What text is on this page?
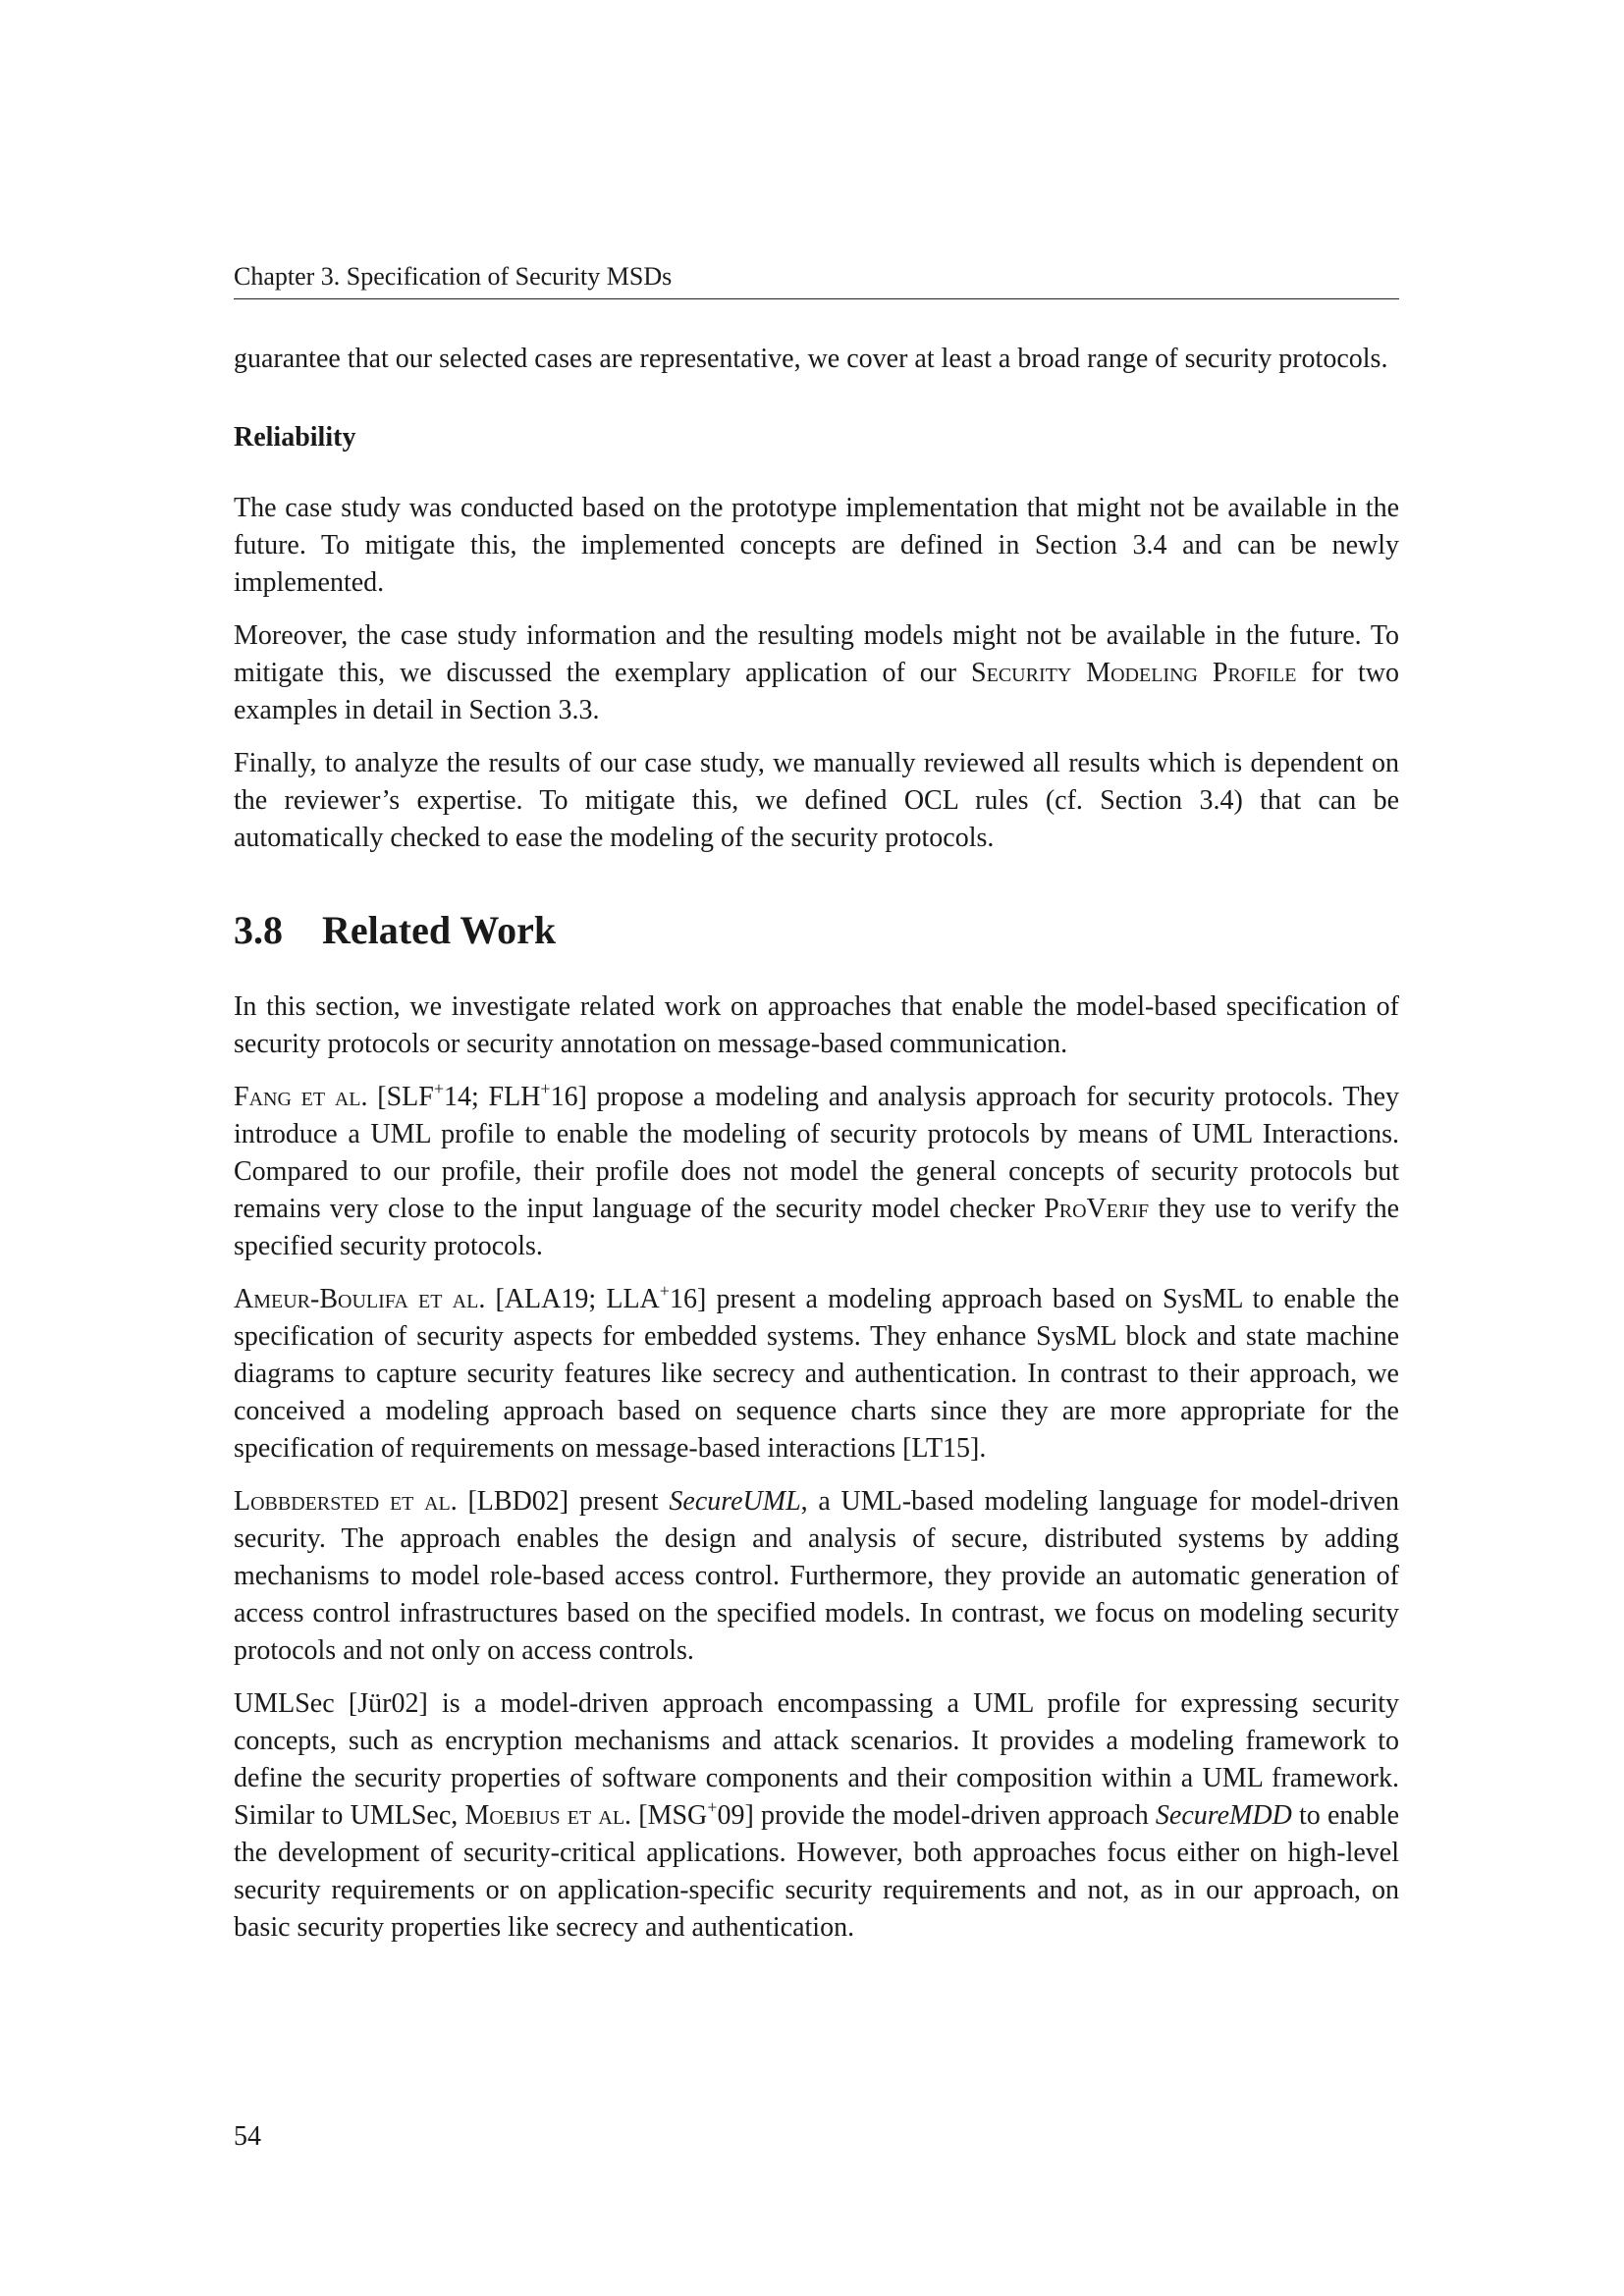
Chapter 3. Specification of Security MSDs

guarantee that our selected cases are representative, we cover at least a broad range of security protocols.

Reliability

The case study was conducted based on the prototype implementation that might not be available in the future. To mitigate this, the implemented concepts are defined in Section 3.4 and can be newly implemented.

Moreover, the case study information and the resulting models might not be available in the future. To mitigate this, we discussed the exemplary application of our Security Modeling Profile for two examples in detail in Section 3.3.

Finally, to analyze the results of our case study, we manually reviewed all results which is dependent on the reviewer’s expertise. To mitigate this, we defined OCL rules (cf. Section 3.4) that can be automatically checked to ease the modeling of the security protocols.

3.8 Related Work

In this section, we investigate related work on approaches that enable the model-based specification of security protocols or security annotation on message-based communication.

Fang et al. [SLF+14; FLH+16] propose a modeling and analysis approach for security protocols. They introduce a UML profile to enable the modeling of security protocols by means of UML Interactions. Compared to our profile, their profile does not model the general concepts of security protocols but remains very close to the input language of the security model checker ProVerif they use to verify the specified security protocols.

Ameur-Boulifa et al. [ALA19; LLA+16] present a modeling approach based on SysML to enable the specification of security aspects for embedded systems. They enhance SysML block and state machine diagrams to capture security features like secrecy and authentication. In contrast to their approach, we conceived a modeling approach based on sequence charts since they are more appropriate for the specification of requirements on message-based interactions [LT15].

Lobbdersted et al. [LBD02] present SecureUML, a UML-based modeling language for model-driven security. The approach enables the design and analysis of secure, distributed systems by adding mechanisms to model role-based access control. Furthermore, they provide an automatic generation of access control infrastructures based on the specified models. In contrast, we focus on modeling security protocols and not only on access controls.

UMLSec [Jür02] is a model-driven approach encompassing a UML profile for expressing security concepts, such as encryption mechanisms and attack scenarios. It provides a modeling framework to define the security properties of software components and their composition within a UML framework. Similar to UMLSec, Moebius et al. [MSG+09] provide the model-driven approach SecureMDD to enable the development of security-critical applications. However, both approaches focus either on high-level security requirements or on application-specific security requirements and not, as in our approach, on basic security properties like secrecy and authentication.

54
